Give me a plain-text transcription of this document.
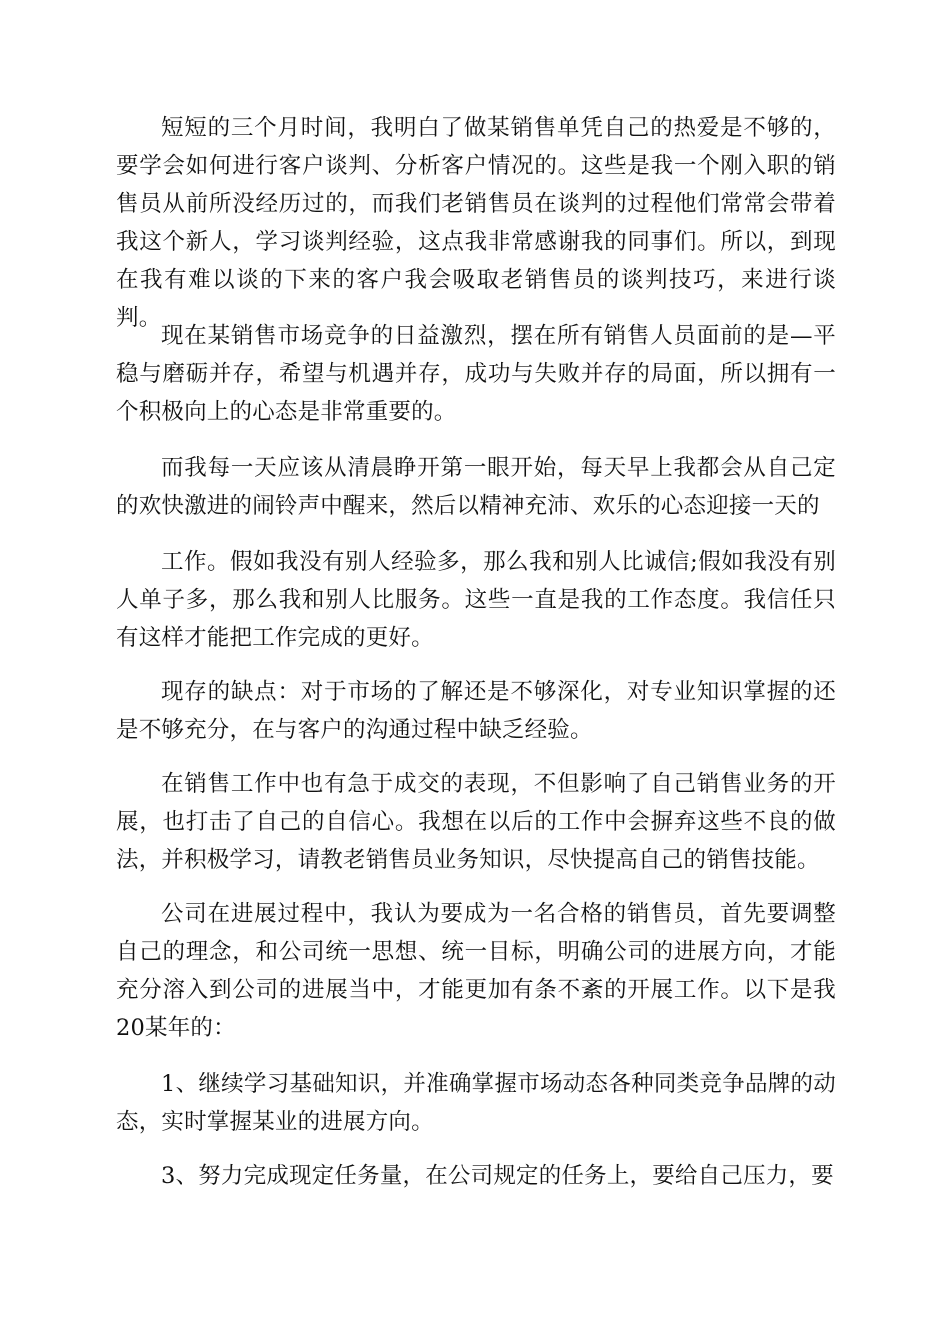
短短的三个月时间，我明白了做某销售单凭自己的热爱是不够的，要学会如何进行客户谈判、分析客户情况的。这些是我一个刚入职的销售员从前所没经历过的，而我们老销售员在谈判的过程他们常常会带着我这个新人，学习谈判经验，这点我非常感谢我的同事们。所以，到现在我有难以谈的下来的客户我会吸取老销售员的谈判技巧，来进行谈判。

现在某销售市场竞争的日益激烈，摆在所有销售人员面前的是—平稳与磨砺并存，希望与机遇并存，成功与失败并存的局面，所以拥有一个积极向上的心态是非常重要的。

而我每一天应该从清晨睁开第一眼开始，每天早上我都会从自己定的欢快激进的闹铃声中醒来，然后以精神充沛、欢乐的心态迎接一天的

工作。假如我没有别人经验多，那么我和别人比诚信;假如我没有别人单子多，那么我和别人比服务。这些一直是我的工作态度。我信任只有这样才能把工作完成的更好。

现存的缺点：对于市场的了解还是不够深化，对专业知识掌握的还是不够充分，在与客户的沟通过程中缺乏经验。

在销售工作中也有急于成交的表现，不但影响了自己销售业务的开展，也打击了自己的自信心。我想在以后的工作中会摒弃这些不良的做法，并积极学习，请教老销售员业务知识，尽快提高自己的销售技能。

公司在进展过程中，我认为要成为一名合格的销售员，首先要调整自己的理念，和公司统一思想、统一目标，明确公司的进展方向，才能充分溶入到公司的进展当中，才能更加有条不紊的开展工作。以下是我20某年的：

1、继续学习基础知识，并准确掌握市场动态各种同类竞争品牌的动态，实时掌握某业的进展方向。

3、努力完成现定任务量，在公司规定的任务上，要给自己压力，要
